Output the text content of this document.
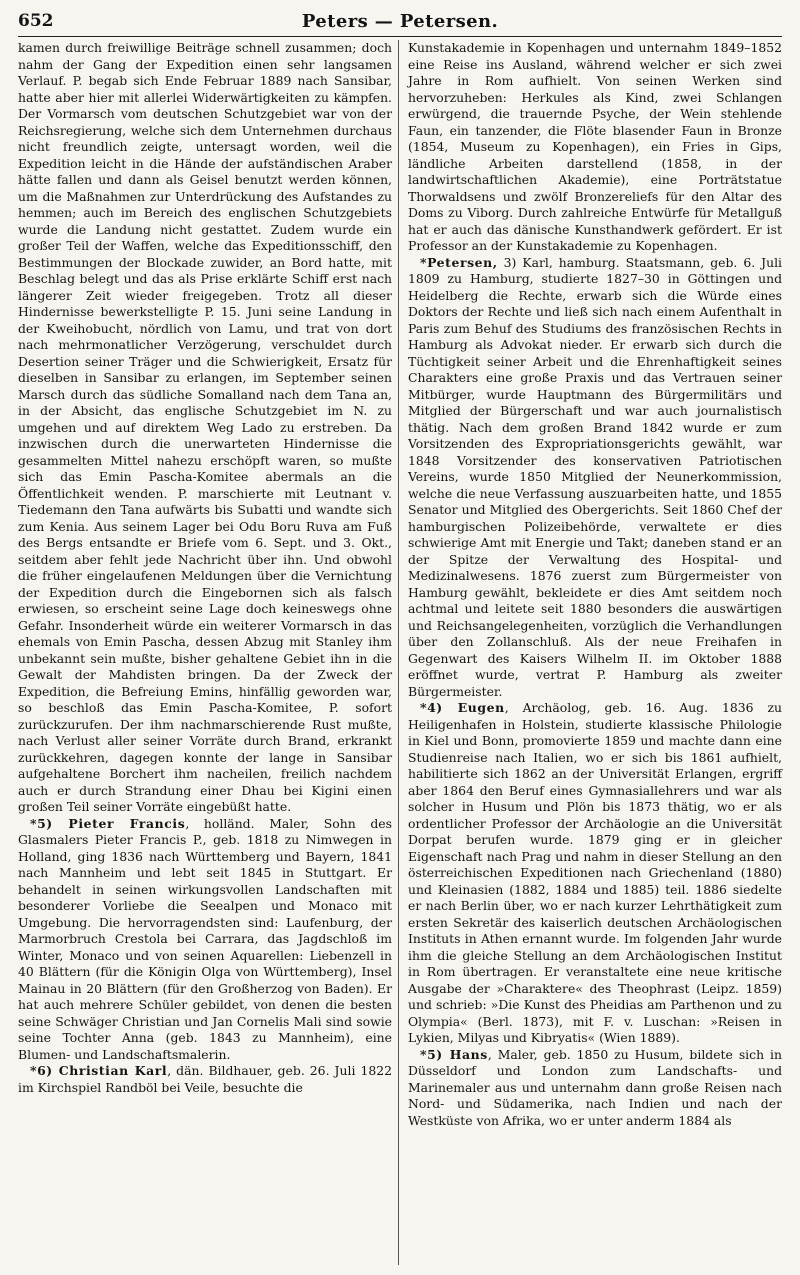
652	Peters — Petersen.

kamen durch freiwillige Beiträge schnell zusammen; doch nahm der Gang der Expedition einen sehr langsamen Verlauf. P. begab sich Ende Februar 1889 nach Sansibar, hatte aber hier mit allerlei Widerwärtigkeiten zu kämpfen. Der Vormarsch vom deutschen Schutzgebiet war von der Reichsregierung, welche sich dem Unternehmen durchaus nicht freundlich zeigte, untersagt worden, weil die Expedition leicht in die Hände der aufständischen Araber hätte fallen und dann als Geisel benutzt werden können, um die Maßnahmen zur Unterdrückung des Aufstandes zu hemmen; auch im Bereich des englischen Schutzgebiets wurde die Landung nicht gestattet. Zudem wurde ein großer Teil der Waffen, welche das Expeditionsschiff, den Bestimmungen der Blockade zuwider, an Bord hatte, mit Beschlag belegt und das als Prise erklärte Schiff erst nach längerer Zeit wieder freigegeben. Trotz all dieser Hindernisse bewerkstelligte P. 15. Juni seine Landung in der Kweihobucht, nördlich von Lamu, und trat von dort nach mehrmonatlicher Verzögerung, verschuldet durch Desertion seiner Träger und die Schwierigkeit, Ersatz für dieselben in Sansibar zu erlangen, im September seinen Marsch durch das südliche Somalland nach dem Tana an, in der Absicht, das englische Schutzgebiet im N. zu umgehen und auf direktem Weg Lado zu erstreben. Da inzwischen durch die unerwarteten Hindernisse die gesammelten Mittel nahezu erschöpft waren, so mußte sich das Emin Pascha-Komitee abermals an die Öffentlichkeit wenden. P. marschierte mit Leutnant v. Tiedemann den Tana aufwärts bis Subatti und wandte sich zum Kenia. Aus seinem Lager bei Odu Boru Ruva am Fuß des Bergs entsandte er Briefe vom 6. Sept. und 3. Okt., seitdem aber fehlt jede Nachricht über ihn. Und obwohl die früher eingelaufenen Meldungen über die Vernichtung der Expedition durch die Eingebornen sich als falsch erwiesen, so erscheint seine Lage doch keineswegs ohne Gefahr. Insonderheit würde ein weiterer Vormarsch in das ehemals von Emin Pascha, dessen Abzug mit Stanley ihm unbekannt sein mußte, bisher gehaltene Gebiet ihn in die Gewalt der Mahdisten bringen. Da der Zweck der Expedition, die Befreiung Emins, hinfällig geworden war, so beschloß das Emin Pascha-Komitee, P. sofort zurückzurufen. Der ihm nachmarschierende Rust mußte, nach Verlust aller seiner Vorräte durch Brand, erkrankt zurückkehren, dagegen konnte der lange in Sansibar aufgehaltene Borchert ihm nacheilen, freilich nachdem auch er durch Strandung einer Dhau bei Kigini einen großen Teil seiner Vorräte eingebüßt hatte.

*5) Pieter Francis, holländ. Maler, Sohn des Glasmalers Pieter Francis P., geb. 1818 zu Nimwegen in Holland, ging 1836 nach Württemberg und Bayern, 1841 nach Mannheim und lebt seit 1845 in Stuttgart. Er behandelt in seinen wirkungsvollen Landschaften mit besonderer Vorliebe die Seealpen und Monaco mit Umgebung. Die hervorragendsten sind: Laufenburg, der Marmorbruch Crestola bei Carrara, das Jagdschloß im Winter, Monaco und von seinen Aquarellen: Liebenzell in 40 Blättern (für die Königin Olga von Württemberg), Insel Mainau in 20 Blättern (für den Großherzog von Baden). Er hat auch mehrere Schüler gebildet, von denen die besten seine Schwäger Christian und Jan Cornelis Mali sind sowie seine Tochter Anna (geb. 1843 zu Mannheim), eine Blumen- und Landschaftsmalerin.

*6) Christian Karl, dän. Bildhauer, geb. 26. Juli 1822 im Kirchspiel Randböl bei Veile, besuchte die

Kunstakademie in Kopenhagen und unternahm 1849–1852 eine Reise ins Ausland, während welcher er sich zwei Jahre in Rom aufhielt. Von seinen Werken sind hervorzuheben: Herkules als Kind, zwei Schlangen erwürgend, die trauernde Psyche, der Wein stehlende Faun, ein tanzender, die Flöte blasender Faun in Bronze (1854, Museum zu Kopenhagen), ein Fries in Gips, ländliche Arbeiten darstellend (1858, in der landwirtschaftlichen Akademie), eine Porträtstatue Thorwaldsens und zwölf Bronzereliefs für den Altar des Doms zu Viborg. Durch zahlreiche Entwürfe für Metallguß hat er auch das dänische Kunsthandwerk gefördert. Er ist Professor an der Kunstakademie zu Kopenhagen.

*Petersen, 3) Karl, hamburg. Staatsmann, geb. 6. Juli 1809 zu Hamburg, studierte 1827–30 in Göttingen und Heidelberg die Rechte, erwarb sich die Würde eines Doktors der Rechte und ließ sich nach einem Aufenthalt in Paris zum Behuf des Studiums des französischen Rechts in Hamburg als Advokat nieder. Er erwarb sich durch die Tüchtigkeit seiner Arbeit und die Ehrenhaftigkeit seines Charakters eine große Praxis und das Vertrauen seiner Mitbürger, wurde Hauptmann des Bürgermilitärs und Mitglied der Bürgerschaft und war auch journalistisch thätig. Nach dem großen Brand 1842 wurde er zum Vorsitzenden des Expropriationsgerichts gewählt, war 1848 Vorsitzender des konservativen Patriotischen Vereins, wurde 1850 Mitglied der Neunerkommission, welche die neue Verfassung auszuarbeiten hatte, und 1855 Senator und Mitglied des Obergerichts. Seit 1860 Chef der hamburgischen Polizeibehörde, verwaltete er dies schwierige Amt mit Energie und Takt; daneben stand er an der Spitze der Verwaltung des Hospital- und Medizinalwesens. 1876 zuerst zum Bürgermeister von Hamburg gewählt, bekleidete er dies Amt seitdem noch achtmal und leitete seit 1880 besonders die auswärtigen und Reichsangelegenheiten, vorzüglich die Verhandlungen über den Zollanschluß. Als der neue Freihafen in Gegenwart des Kaisers Wilhelm II. im Oktober 1888 eröffnet wurde, vertrat P. Hamburg als zweiter Bürgermeister.

*4) Eugen, Archäolog, geb. 16. Aug. 1836 zu Heiligenhafen in Holstein, studierte klassische Philologie in Kiel und Bonn, promovierte 1859 und machte dann eine Studienreise nach Italien, wo er sich bis 1861 aufhielt, habilitierte sich 1862 an der Universität Erlangen, ergriff aber 1864 den Beruf eines Gymnasiallehrers und war als solcher in Husum und Plön bis 1873 thätig, wo er als ordentlicher Professor der Archäologie an die Universität Dorpat berufen wurde. 1879 ging er in gleicher Eigenschaft nach Prag und nahm in dieser Stellung an den österreichischen Expeditionen nach Griechenland (1880) und Kleinasien (1882, 1884 und 1885) teil. 1886 siedelte er nach Berlin über, wo er nach kurzer Lehrthätigkeit zum ersten Sekretär des kaiserlich deutschen Archäologischen Instituts in Athen ernannt wurde. Im folgenden Jahr wurde ihm die gleiche Stellung an dem Archäologischen Institut in Rom übertragen. Er veranstaltete eine neue kritische Ausgabe der »Charaktere« des Theophrast (Leipz. 1859) und schrieb: »Die Kunst des Pheidias am Parthenon und zu Olympia« (Berl. 1873), mit F. v. Luschan: »Reisen in Lykien, Milyas und Kibryatis« (Wien 1889).

*5) Hans, Maler, geb. 1850 zu Husum, bildete sich in Düsseldorf und London zum Landschafts- und Marinemaler aus und unternahm dann große Reisen nach Nord- und Südamerika, nach Indien und nach der Westküste von Afrika, wo er unter anderm 1884 als
